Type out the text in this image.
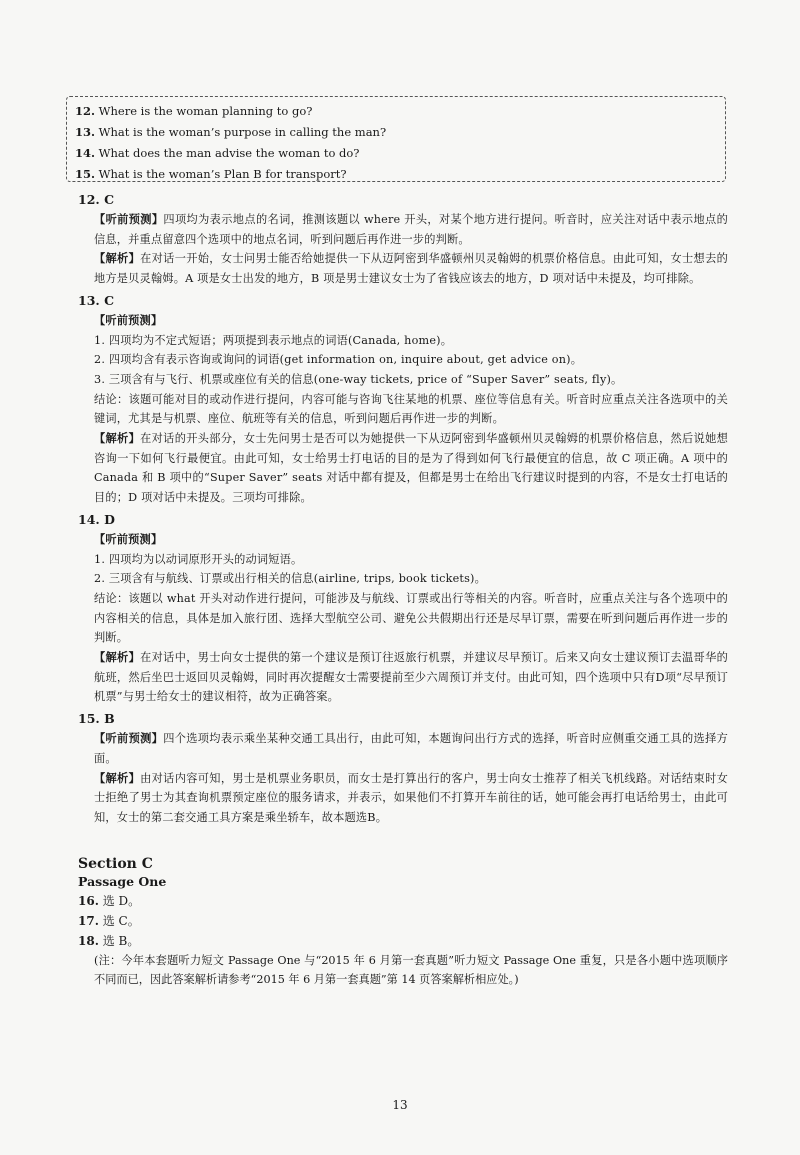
12. Where is the woman planning to go?
13. What is the woman’s purpose in calling the man?
14. What does the man advise the woman to do?
15. What is the woman’s Plan B for transport?
12. C

【听前预测】四项均为表示地点的名词，推测该题以 where 开头，对某个地方进行提问。听音时，应关注对话中表示地点的信息，并重点留意四个选项中的地点名词，听到问题后再作进一步的判断。

【解析】在对话一开始，女士问男士能否给她提供一下从迈阿密到华盛顿州贝灵翰姆的机票价格信息。由此可知，女士想去的地方是贝灵翰姆。A 项是女士出发的地方，B 项是男士建议女士为了省钱应该去的地方，D 项对话中未提及，均可排除。

13. C

【听前预测】

1. 四项均为不定式短语；两项提到表示地点的词语(Canada, home)。

2. 四项均含有表示咨询或询问的词语(get information on, inquire about, get advice on)。

3. 三项含有与飞行、机票或座位有关的信息(one-way tickets, price of “Super Saver” seats, fly)。

结论：该题可能对目的或动作进行提问，内容可能与咨询飞往某地的机票、座位等信息有关。听音时应重点关注各选项中的关键词，尤其是与机票、座位、航班等有关的信息，听到问题后再作进一步的判断。

【解析】在对话的开头部分，女士先问男士是否可以为她提供一下从迈阿密到华盛顿州贝灵翰姆的机票价格信息，然后说她想咨询一下如何飞行最便宜。由此可知，女士给男士打电话的目的是为了得到如何飞行最便宜的信息，故 C 项正确。A 项中的 Canada 和 B 项中的“Super Saver” seats 对话中都有提及，但都是男士在给出飞行建议时提到的内容，不是女士打电话的目的；D 项对话中未提及。三项均可排除。

14. D

【听前预测】

1. 四项均为以动词原形开头的动词短语。

2. 三项含有与航线、订票或出行相关的信息(airline, trips, book tickets)。

结论：该题以 what 开头对动作进行提问，可能涉及与航线、订票或出行等相关的内容。听音时，应重点关注与各个选项中的内容相关的信息，具体是加入旅行团、选择大型航空公司、避免公共假期出行还是尽早订票，需要在听到问题后再作进一步的判断。

【解析】在对话中，男士向女士提供的第一个建议是预订往返旅行机票，并建议尽早预订。后来又向女士建议预订去温哥华的航班，然后坐巴士返回贝灵翰姆，同时再次提醒女士需要提前至少六周预订并支付。由此可知，四个选项中只有D项“尽早预订机票”与男士给女士的建议相符，故为正确答案。

15. B

【听前预测】四个选项均表示乘坐某种交通工具出行，由此可知，本题询问出行方式的选择，听音时应侧重交通工具的选择方面。

【解析】由对话内容可知，男士是机票业务职员，而女士是打算出行的客户，男士向女士推荐了相关飞机线路。对话结束时女士拒绝了男士为其查询机票预定座位的服务请求，并表示，如果他们不打算开车前往的话，她可能会再打电话给男士，由此可知，女士的第二套交通工具方案是乘坐轿车，故本题选B。

Section C
Passage One

16. 选 D。

17. 选 C。

18. 选 B。

(注：今年本套题听力短文 Passage One 与“2015 年 6 月第一套真题”听力短文 Passage One 重复，只是各小题中选项顺序不同而已，因此答案解析请参考“2015 年 6 月第一套真题”第 14 页答案解析相应处。)

13
